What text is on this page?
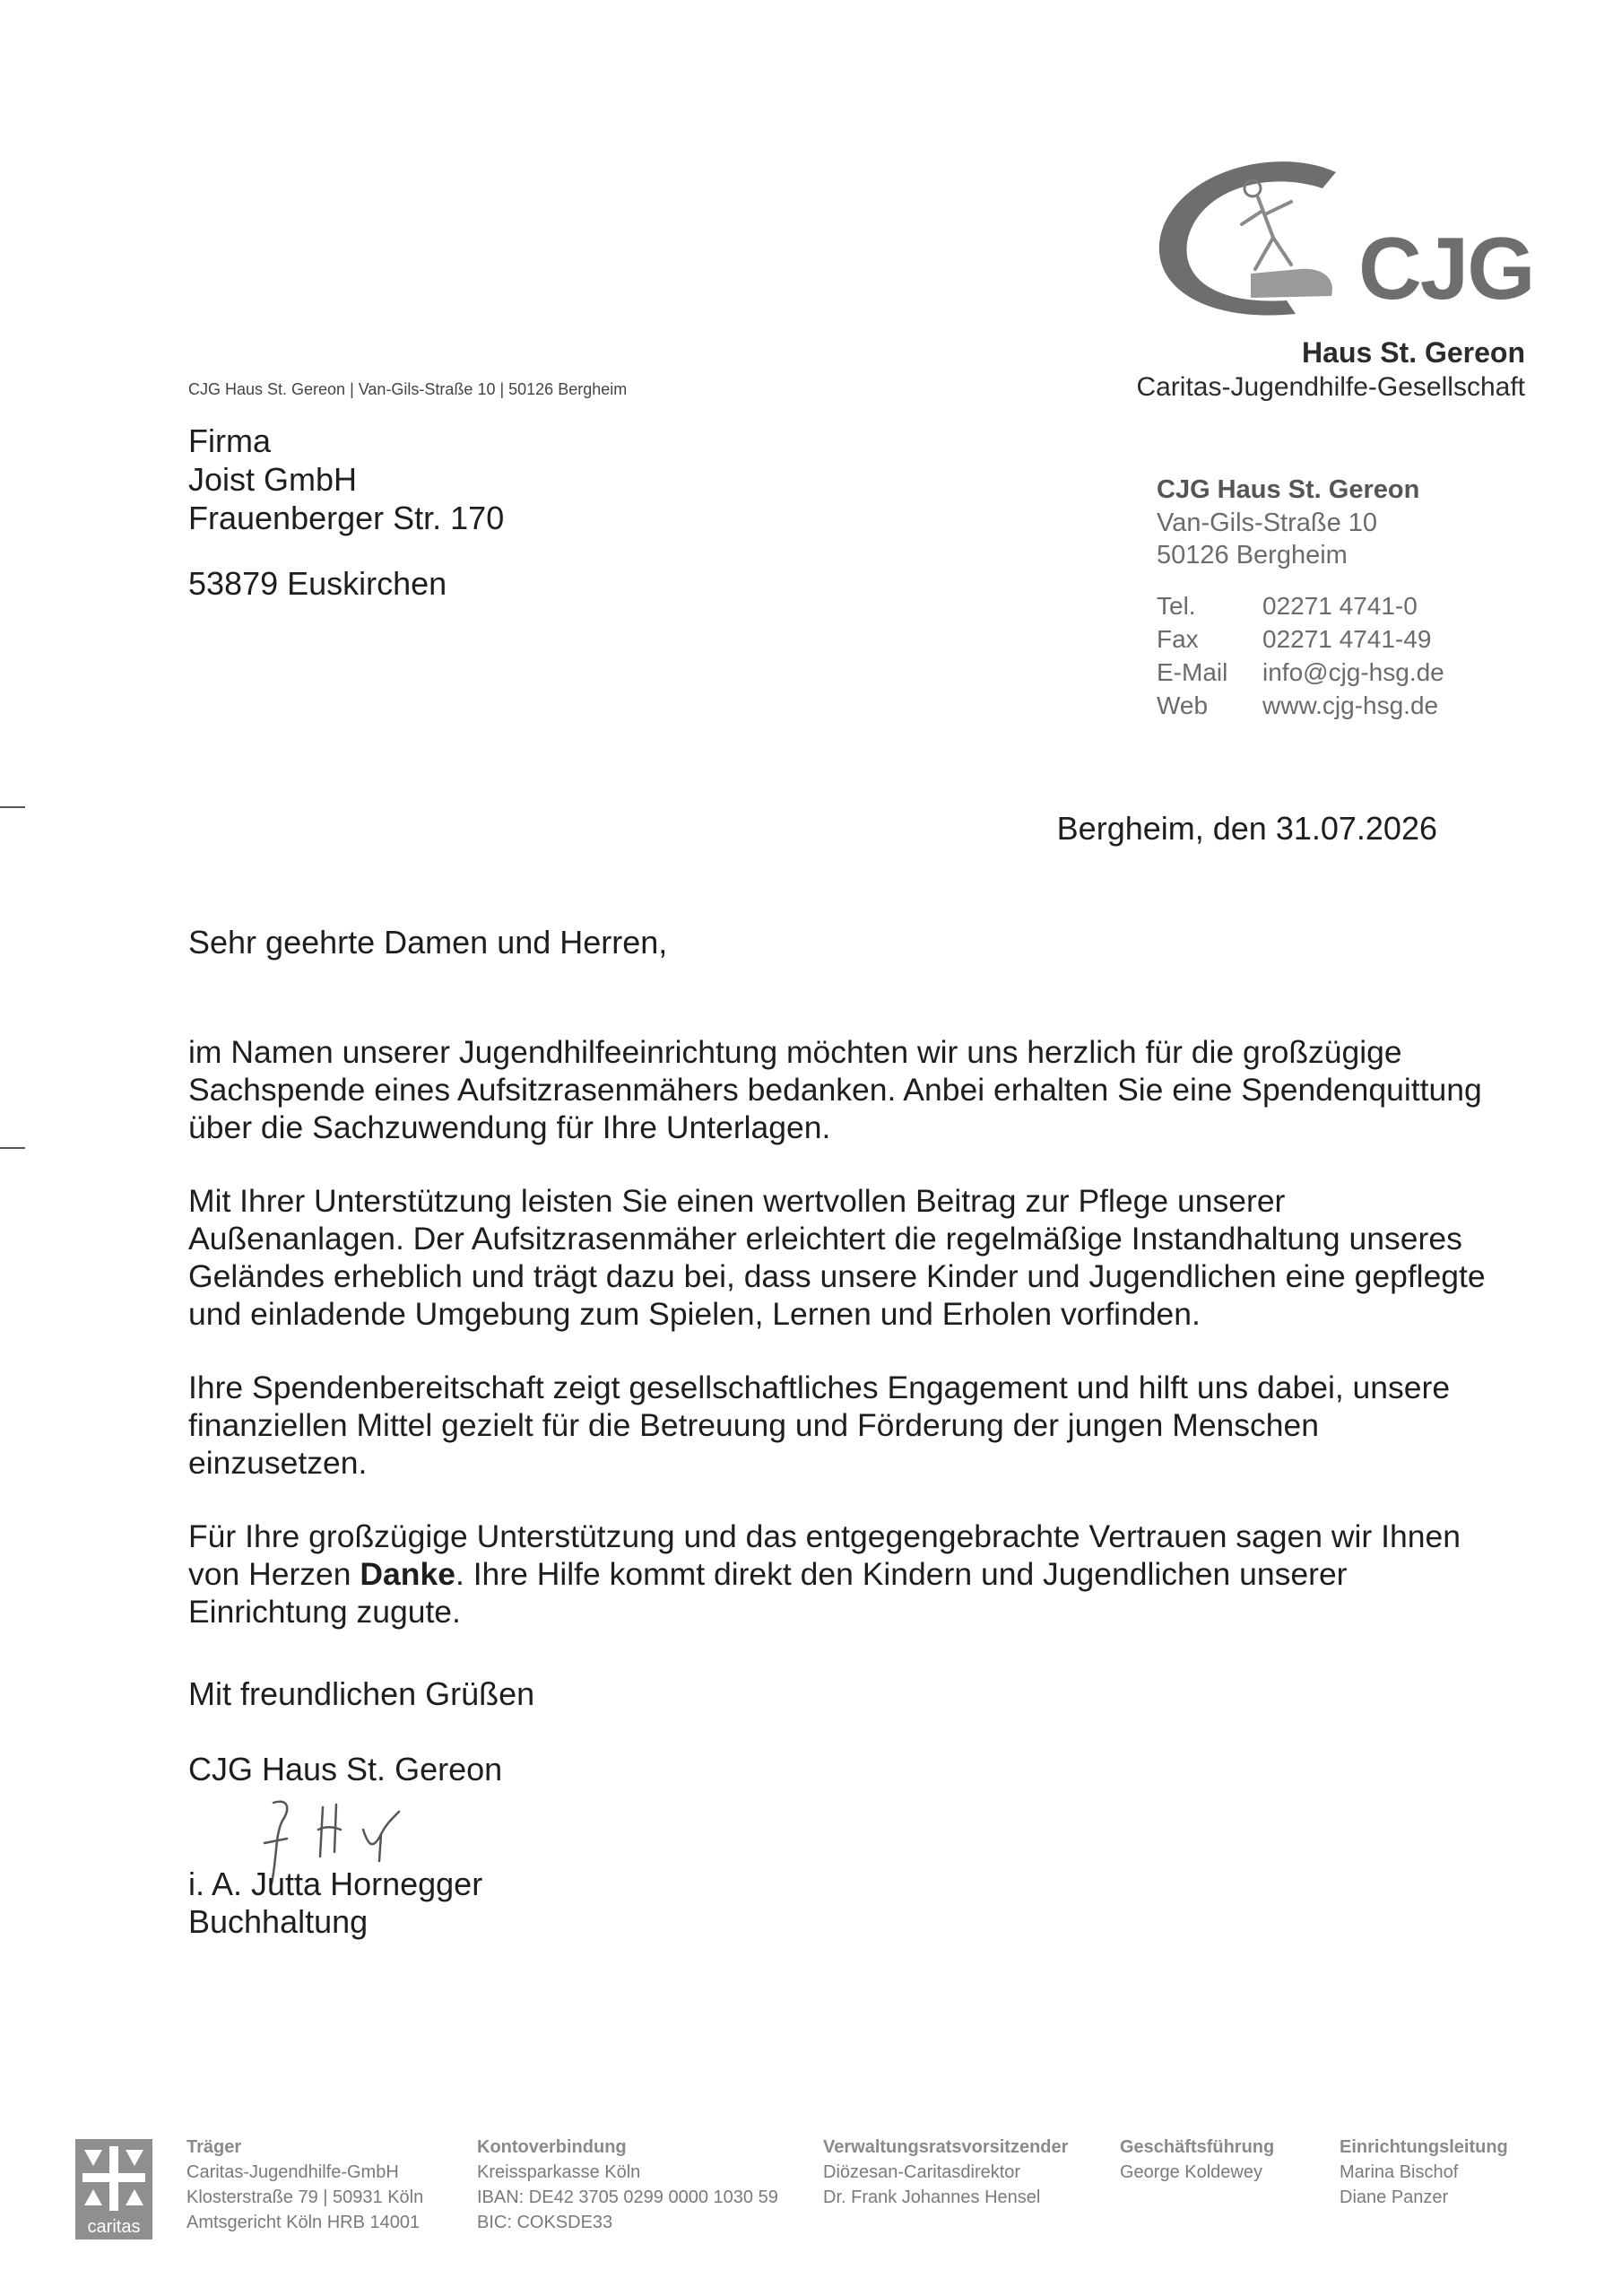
CJG
Haus St. Gereon
Caritas-Jugendhilfe-Gesellschaft
CJG Haus St. Gereon | Van-Gils-Straße 10 | 50126 Bergheim
Firma
Joist GmbH
Frauenberger Str. 170
53879 Euskirchen
CJG Haus St. Gereon
Van-Gils-Straße 10
50126 Bergheim
Tel.	02271 4741-0
Fax	02271 4741-49
E-Mail	info@cjg-hsg.de
Web	www.cjg-hsg.de
Bergheim, den 31.07.2026
Sehr geehrte Damen und Herren,

im Namen unserer Jugendhilfeeinrichtung möchten wir uns herzlich für die großzügige Sachspende eines Aufsitzrasenmähers bedanken. Anbei erhalten Sie eine Spendenquittung über die Sachzuwendung für Ihre Unterlagen.

Mit Ihrer Unterstützung leisten Sie einen wertvollen Beitrag zur Pflege unserer Außenanlagen. Der Aufsitzrasenmäher erleichtert die regelmäßige Instandhaltung unseres Geländes erheblich und trägt dazu bei, dass unsere Kinder und Jugendlichen eine gepflegte und einladende Umgebung zum Spielen, Lernen und Erholen vorfinden.

Ihre Spendenbereitschaft zeigt gesellschaftliches Engagement und hilft uns dabei, unsere finanziellen Mittel gezielt für die Betreuung und Förderung der jungen Menschen einzusetzen.

Für Ihre großzügige Unterstützung und das entgegengebrachte Vertrauen sagen wir Ihnen von Herzen Danke. Ihre Hilfe kommt direkt den Kindern und Jugendlichen unserer Einrichtung zugute.

Mit freundlichen Grüßen
CJG Haus St. Gereon
i. A. Jutta Hornegger
Buchhaltung
caritas
Träger
Caritas-Jugendhilfe-GmbH
Klosterstraße 79 | 50931 Köln
Amtsgericht Köln HRB 14001
Kontoverbindung
Kreissparkasse Köln
IBAN: DE42 3705 0299 0000 1030 59
BIC: COKSDE33
Verwaltungsratsvorsitzender
Diözesan-Caritasdirektor
Dr. Frank Johannes Hensel
Geschäftsführung
George Koldewey
Einrichtungsleitung
Marina Bischof
Diane Panzer
